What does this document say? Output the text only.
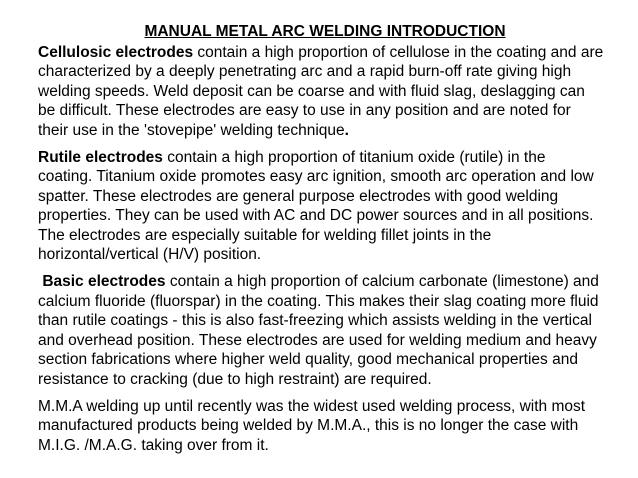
MANUAL METAL ARC WELDING INTRODUCTION

Cellulosic electrodes contain a high proportion of cellulose in the coating and are characterized by a deeply penetrating arc and a rapid burn-off rate giving high welding speeds. Weld deposit can be coarse and with fluid slag, deslagging can be difficult. These electrodes are easy to use in any position and are noted for their use in the 'stovepipe' welding technique.

Rutile electrodes contain a high proportion of titanium oxide (rutile) in the coating. Titanium oxide promotes easy arc ignition, smooth arc operation and low spatter. These electrodes are general purpose electrodes with good welding properties. They can be used with AC and DC power sources and in all positions. The electrodes are especially suitable for welding fillet joints in the horizontal/vertical (H/V) position.

Basic electrodes contain a high proportion of calcium carbonate (limestone) and calcium fluoride (fluorspar) in the coating. This makes their slag coating more fluid than rutile coatings - this is also fast-freezing which assists welding in the vertical and overhead position. These electrodes are used for welding medium and heavy section fabrications where higher weld quality, good mechanical properties and resistance to cracking (due to high restraint) are required.

M.M.A welding up until recently was the widest used welding process, with most manufactured products being welded by M.M.A., this is no longer the case with M.I.G. /M.A.G. taking over from it.
